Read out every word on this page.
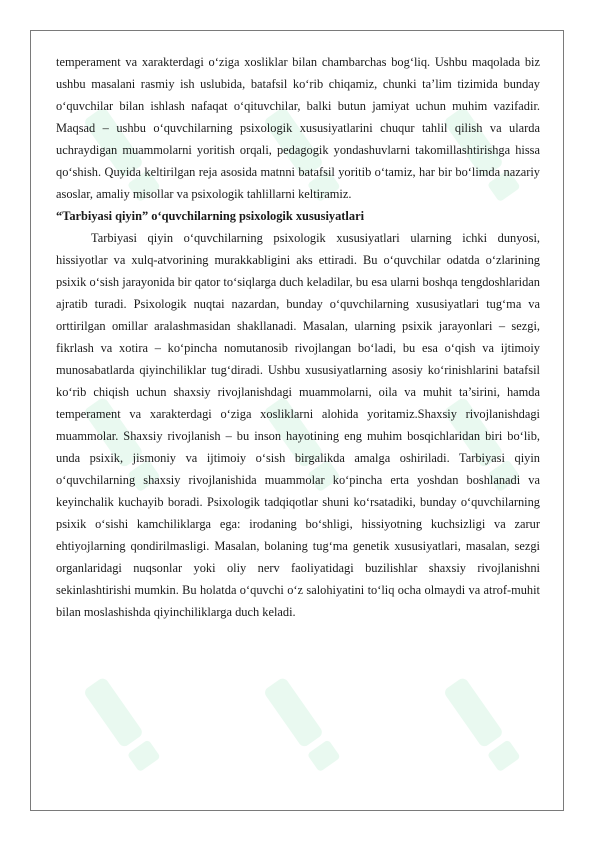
temperament va xarakterdagi o‘ziga xosliklar bilan chambarchas bog‘liq. Ushbu maqolada biz ushbu masalani rasmiy ish uslubida, batafsil ko‘rib chiqamiz, chunki ta’lim tizimida bunday o‘quvchilar bilan ishlash nafaqat o‘qituvchilar, balki butun jamiyat uchun muhim vazifadir. Maqsad – ushbu o‘quvchilarning psixologik xususiyatlarini chuqur tahlil qilish va ularda uchraydigan muammolarni yoritish orqali, pedagogik yondashuvlarni takomillashtirishga hissa qo‘shish. Quyida keltirilgan reja asosida matnni batafsil yoritib o‘tamiz, har bir bo‘limda nazariy asoslar, amaliy misollar va psixologik tahlillarni keltiramiz.

“Tarbiyasi qiyin” o‘quvchilarning psixologik xususiyatlari

Tarbiyasi qiyin o‘quvchilarning psixologik xususiyatlari ularning ichki dunyosi, hissiyotlar va xulq-atvorining murakkabligini aks ettiradi. Bu o‘quvchilar odatda o‘zlarining psixik o‘sish jarayonida bir qator to‘siqlarga duch keladilar, bu esa ularni boshqa tengdoshlaridan ajratib turadi. Psixologik nuqtai nazardan, bunday o‘quvchilarning xususiyatlari tug‘ma va orttirilgan omillar aralashmasidan shakllanadi. Masalan, ularning psixik jarayonlari – sezgi, fikrlash va xotira – ko‘pincha nomutanosib rivojlangan bo‘ladi, bu esa o‘qish va ijtimoiy munosabatlarda qiyinchiliklar tug‘diradi. Ushbu xususiyatlarning asosiy ko‘rinishlarini batafsil ko‘rib chiqish uchun shaxsiy rivojlanishdagi muammolarni, oila va muhit ta’sirini, hamda temperament va xarakterdagi o‘ziga xosliklarni alohida yoritamiz.Shaxsiy rivojlanishdagi muammolar. Shaxsiy rivojlanish – bu inson hayotining eng muhim bosqichlaridan biri bo‘lib, unda psixik, jismoniy va ijtimoiy o‘sish birgalikda amalga oshiriladi. Tarbiyasi qiyin o‘quvchilarning shaxsiy rivojlanishida muammolar ko‘pincha erta yoshdan boshlanadi va keyinchalik kuchayib boradi. Psixologik tadqiqotlar shuni ko‘rsatadiki, bunday o‘quvchilarning psixik o‘sishi kamchiliklarga ega: irodaning bo‘shligi, hissiyotning kuchsizligi va zarur ehtiyojlarning qondirilmasligi. Masalan, bolaning tug‘ma genetik xususiyatlari, masalan, sezgi organlaridagi nuqsonlar yoki oliy nerv faoliyatidagi buzilishlar shaxsiy rivojlanishni sekinlashtirishi mumkin. Bu holatda o‘quvchi o‘z salohiyatini to‘liq ocha olmaydi va atrof-muhit bilan moslashishda qiyinchiliklarga duch keladi.
